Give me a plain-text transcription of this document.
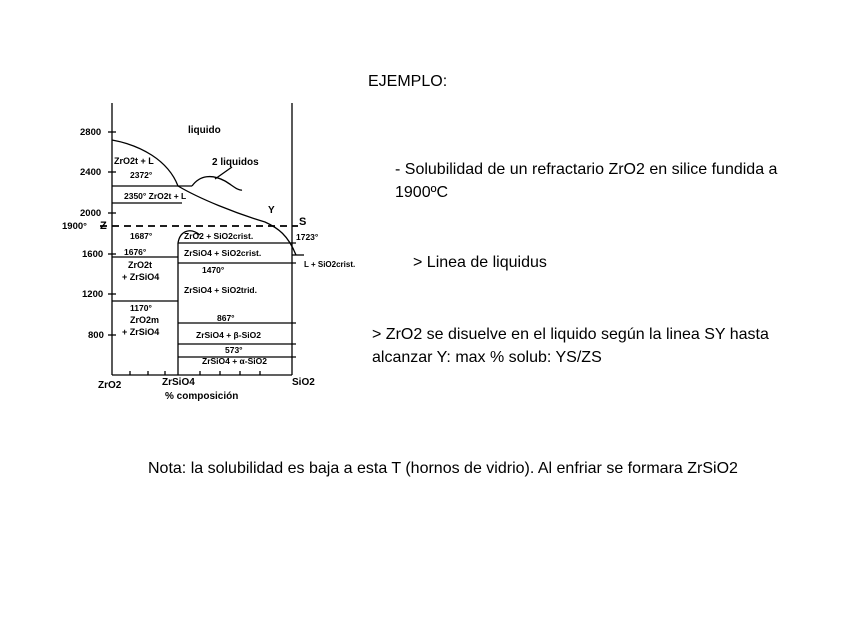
EJEMPLO:
- Solubilidad de un refractario ZrO2 en silice fundida a 1900ºC
> Linea de liquidus
> ZrO2 se disuelve en el liquido según la linea SY hasta alcanzar Y: max % solub: YS/ZS
Nota: la solubilidad es baja a esta T (hornos de vidrio). Al enfriar se formara ZrSiO2
2800
2400
2000
1600
1200
800
1900° Z
Y
S
liquido
2 liquidos
ZrO2t + L
2372°
2350° ZrO2t + L
1687°	ZrO2 + SiO2crist.	1723°
ZrSiO4 + SiO2crist.
L + SiO2crist.
1676°
ZrO2t
+ ZrSiO4
1470°
ZrSiO4 + SiO2trid.
1170°
ZrO2m
+ ZrSiO4
867°
ZrSiO4 + β-SiO2
573°
ZrSiO4 + α-SiO2
ZrO2	ZrSiO4	SiO2
% composición
